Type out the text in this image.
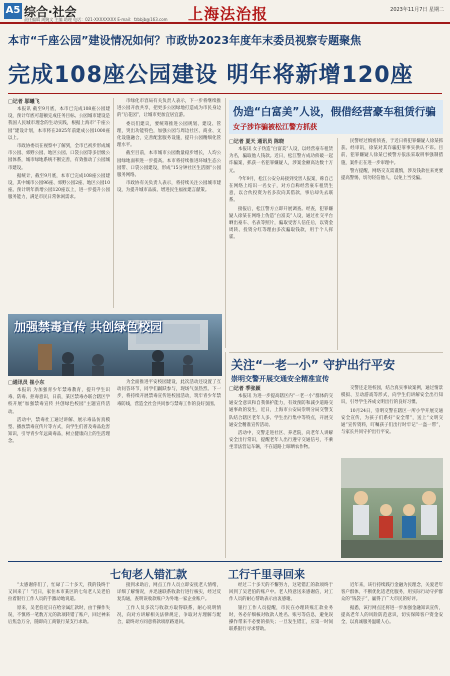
A5 综合·社会
责任编辑 周婉文 主编 助理 电话：021-XXXXXXXX E-mail：fzbbjb@163.com 上海法治报	2023年11月7日 星期二
本市“千座公园”建设情况如何？市政协2023年度年末委员视察专题聚焦
完成108座公园建设 明年将新增120座

□记者 邬曦飞

本报讯 截至9月底，本市已完成108座公园建设，预计年底可超额完成任务目标。公园城市建设是我国人民城市理念的生动实践，根据上海市“千座公园”建设计划，本市将在2025年前建成公园1000座以上。

市政协委员在视察中了解到，全市已初步形成城市公园、郊野公园、地区公园、口袋公园等多层级公园体系，城市绿地系统不断完善，有效推动了公园城市建设。

据统计，截至9月底，本市已完成108座公园建设，其中城市公园96座、郊野公园2座、地区公园10座。预计明年新增公园120座以上，进一步提升公园服务能力，满足市民日常休闲需求。

市绿化市容局有关负责人表示，下一步将继续推进公园开放共享，把更多公园绿地打造成为市民身边的“后花园”，让城市更加宜居宜游。

委员们建议，要统筹推进公园规划、建设、管理，突出功能特色，加强公园与周边社区、商业、文化设施融合，完善配套服务设施，提升公园精细化管理水平。

截至目前，本市城市公园数量稳步增长，人均公园绿地面积进一步提高。本市将持续推进环城生态公园带、口袋公园建设，形成“15分钟社区生活圈”公园服务网络。

市政协有关负责人表示，将持续关注公园城市建设，为提升城市品质、增进民生福祉建言献策。

伪造“白富美”人设，假借经营豪车租赁行骗
女子涉诈骗被松江警方抓获

□记者 夏天 通讯员 陈晓

本报讯 女子伪造“白富美”人设，以经营豪车租赁为名，骗取他人钱款。近日，松江警方成功侦破一起诈骗案，抓获一名犯罪嫌疑人，涉案金额高达数十万元。

今年9月，松江公安分局接到受害人报案，称自己在网络上结识一名女子，对方自称经营豪车租赁生意，以合伙投资为名多次向其借款，事后却失去联系。

接报后，松江警方立即开展调查。经查，犯罪嫌疑人徐某在网络上伪造“白富美”人设，通过社交平台晒出豪车、名表等照片，骗取受害人信任后，以资金周转、投资分红等理由多次骗取钱款，用于个人挥霍。

民警经过缜密侦查，于近日将犯罪嫌疑人徐某抓获。经审讯，徐某对其诈骗犯罪事实供认不讳。目前，犯罪嫌疑人徐某已被警方依法采取刑事强制措施，案件正在进一步审理中。

警方提醒，网络交友需谨慎，涉及钱款往来更要提高警惕，切勿轻信他人，以免上当受骗。

加强禁毒宣传 共创绿色校园

□通讯员 崔小东

本报讯 为加强青少年禁毒教育，提升学生识毒、防毒、拒毒意识，日前，某区禁毒办联合辖区学校开展“加强禁毒宣传 共创绿色校园”主题宣传活动。

活动中，禁毒社工通过讲解、展示毒品仿真模型、播放禁毒宣传片等方式，向学生们普及毒品危害知识，引导青少年远离毒品，树立健康向上的生活理念。

为全面推进平安校园建设，此次活动还设置了互动问答环节，同学们踊跃参与，现场气氛热烈。下一步，将持续开展禁毒宣传进校园活动，筑牢青少年禁毒防线，营造全社会共同参与禁毒工作的良好氛围。

关注“一老一小” 守护出行平安
崇明交警开展交通安全精准宣传

□记者 季张颖

本报讯 为进一步提高辖区内“一老一小”群体的交通安全意识和自我保护能力，有效预防和减少道路交通事故的发生，近日，上海市公安局崇明分局交警支队结合辖区老年人多、学生出行集中等特点，开展交通安全精准宣传活动。

活动中，交警走进社区、养老院，向老年人讲解安全出行常识，提醒老年人出行遵守交通信号，不乘坐非法营运车辆，不在道路上晾晒农作物。

交警还走进校园，结合真实事故案例，通过情景模拟、互动游戏等形式，向学生们讲解安全出行知识，引导学生养成文明出行的良好习惯。

10月24日，崇明交警在辖区一所小学开展交通安全宣传，为孩子们系好“安全带”，送上“文明交通”宣传资料，叮嘱孩子们出行时牢记“一盔一带”，与家长共同守护出行平安。

七旬老人错汇款	工行千里寻回来

“太感谢你们了，忙碌了二十多天，我的钱终于又回来了！”近日，家住本市某区的七旬老人吴老伯拉着银行工作人员的手激动地说道。

原来，吴老伯近日在给亲属汇款时，由于操作失误，不慎将一笔数万元的款项转错了账户，回过神来后焦急万分，随即向工商银行某支行求助。

接到求助后，网点工作人员立即安抚老人情绪，详细了解情况，并迅速联系收款行进行核实，经过反复沟通，查明误收款账户为外地一家企业账户。

工作人员多次与收款方取得联系，耐心说明情况，向对方讲解相关法律规定，争取对方理解与配合，最终对方同意将款项原路退回。

经过二十多天的不懈努力，这笔错汇的款项终于回到了吴老伯的账户中。老人特意送来感谢信，对工作人员的耐心帮助表示由衷感谢。

银行工作人员提醒，市民在办理转账汇款业务时，务必仔细核对收款人姓名、账号等信息，避免误操作带来不必要的损失；一旦发生错汇，应第一时间联系银行寻求帮助。

近年来，该行持续践行金融为民理念，关爱老年客户群体，不断优化适老化服务，用实际行动守护群众的“钱袋子”，赢得了广大市民的好评。

据悉，该行网点还将进一步加强金融知识宣传，提高老年人的风险防范意识，切实保障客户资金安全，以真诚服务温暖人心。
